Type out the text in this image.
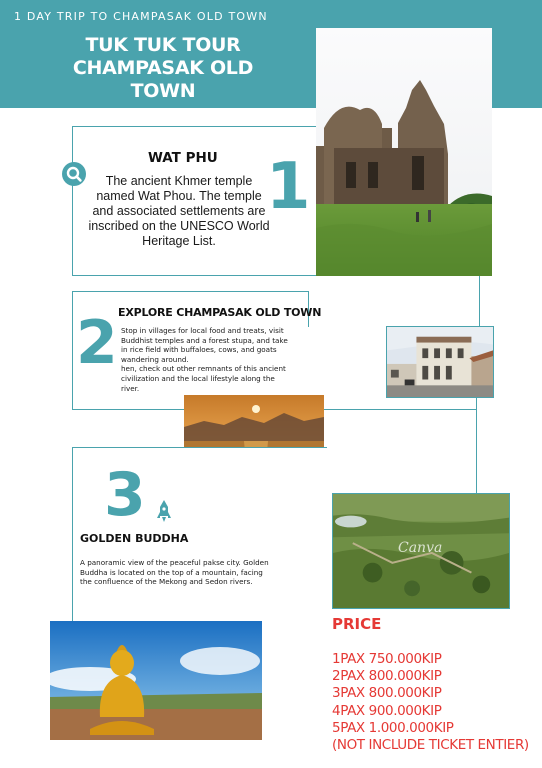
1 DAY TRIP TO CHAMPASAK OLD TOWN
TUK TUK TOUR
CHAMPASAK OLD TOWN
WAT PHU
The ancient Khmer temple
named Wat Phou. The temple
and associated settlements are
inscribed on the UNESCO World
Heritage List.
1
2 EXPLORE CHAMPASAK OLD TOWN
Stop in villages for local food and treats, visit
Buddhist temples and a forest stupa, and take
in rice field with buffaloes, cows, and goats
wandering around.
hen, check out other remnants of this ancient
civilization and the local lifestyle along the
river.
3
GOLDEN BUDDHA
A panoramic view of the peaceful pakse city. Golden
Buddha is located on the top of a mountain, facing
the confluence of the Mekong and Sedon rivers.
Canva
PRICE
1PAX 750.000KIP
2PAX 800.000KIP
3PAX 800.000KIP
4PAX 900.000KIP
5PAX 1.000.000KIP
(NOT INCLUDE TICKET ENTIER)
